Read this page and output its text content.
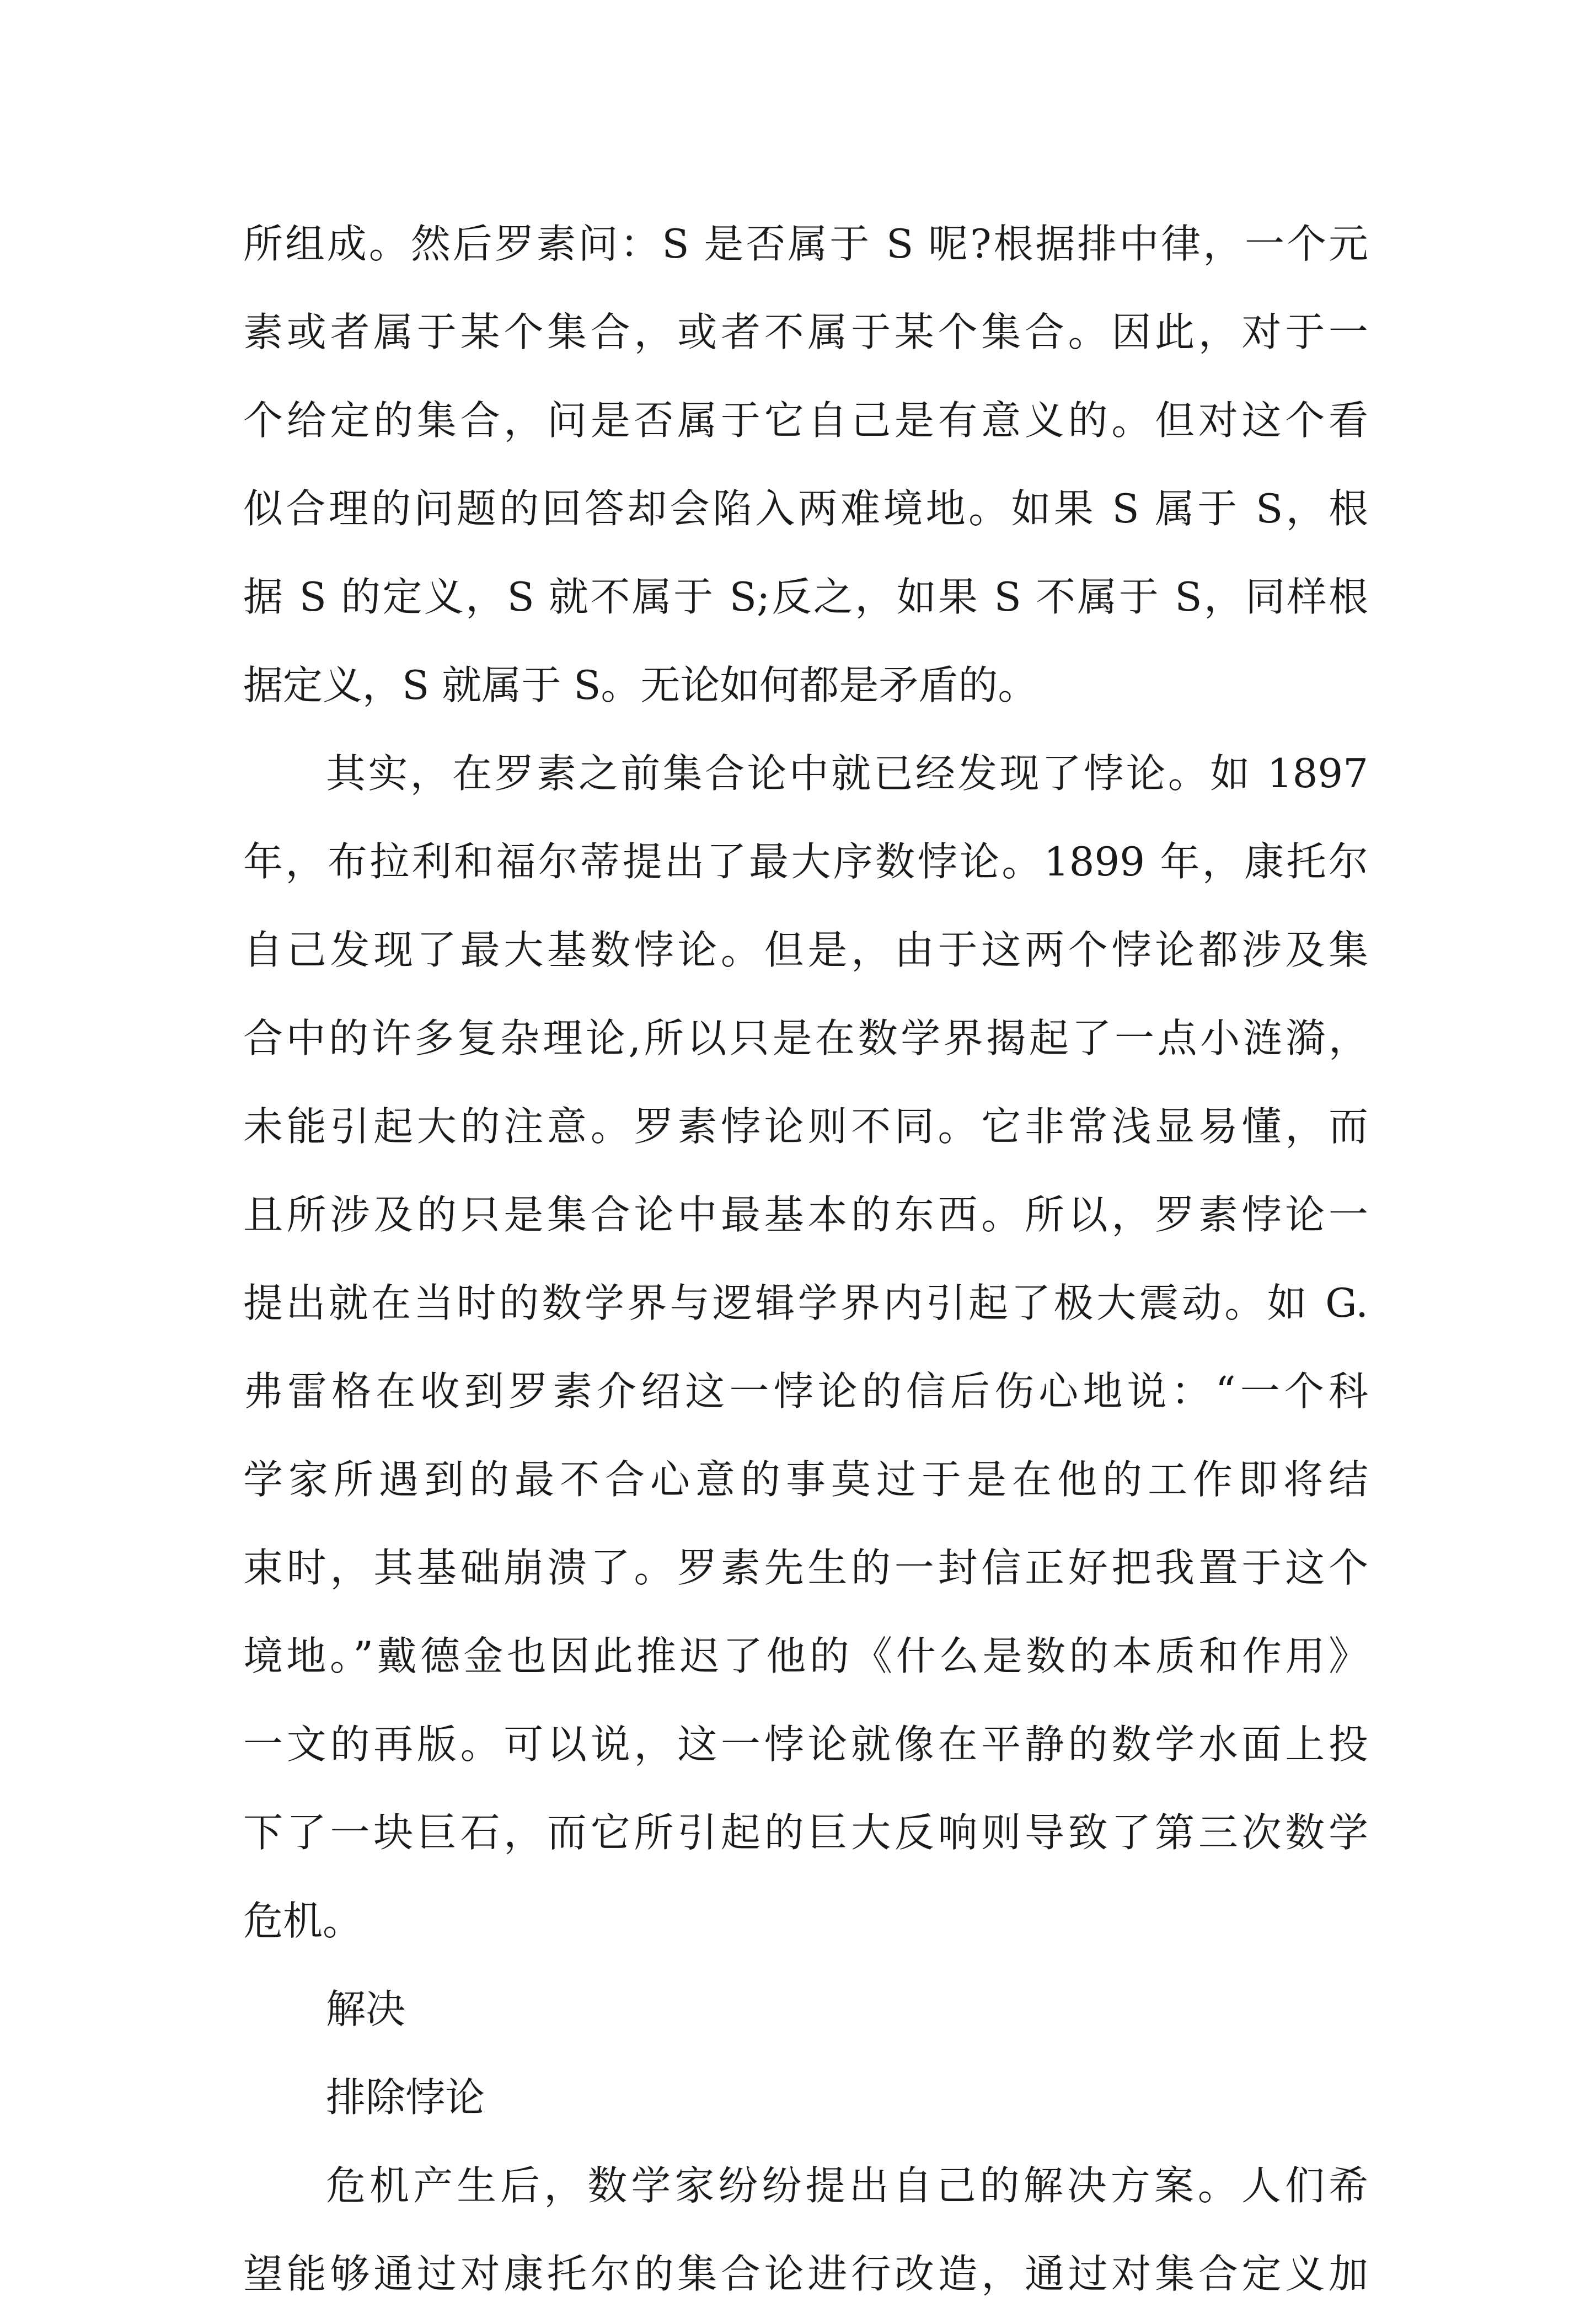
所组成。然后罗素问：S 是否属于 S 呢?根据排中律，一个元
素或者属于某个集合，或者不属于某个集合。因此，对于一
个给定的集合，问是否属于它自己是有意义的。但对这个看
似合理的问题的回答却会陷入两难境地。如果 S 属于 S，根
据 S 的定义，S 就不属于 S;反之，如果 S 不属于 S，同样根
据定义，S 就属于 S。无论如何都是矛盾的。
其实，在罗素之前集合论中就已经发现了悖论。如 1897
年，布拉利和福尔蒂提出了最大序数悖论。1899 年，康托尔
自己发现了最大基数悖论。但是，由于这两个悖论都涉及集
合中的许多复杂理论,所以只是在数学界揭起了一点小涟漪，
未能引起大的注意。罗素悖论则不同。它非常浅显易懂，而
且所涉及的只是集合论中最基本的东西。所以，罗素悖论一
提出就在当时的数学界与逻辑学界内引起了极大震动。如 G.
弗雷格在收到罗素介绍这一悖论的信后伤心地说：“一个科
学家所遇到的最不合心意的事莫过于是在他的工作即将结
束时，其基础崩溃了。罗素先生的一封信正好把我置于这个
境地。”戴德金也因此推迟了他的《什么是数的本质和作用》
一文的再版。可以说，这一悖论就像在平静的数学水面上投
下了一块巨石，而它所引起的巨大反响则导致了第三次数学
危机。
解决
排除悖论
危机产生后，数学家纷纷提出自己的解决方案。人们希
望能够通过对康托尔的集合论进行改造，通过对集合定义加
